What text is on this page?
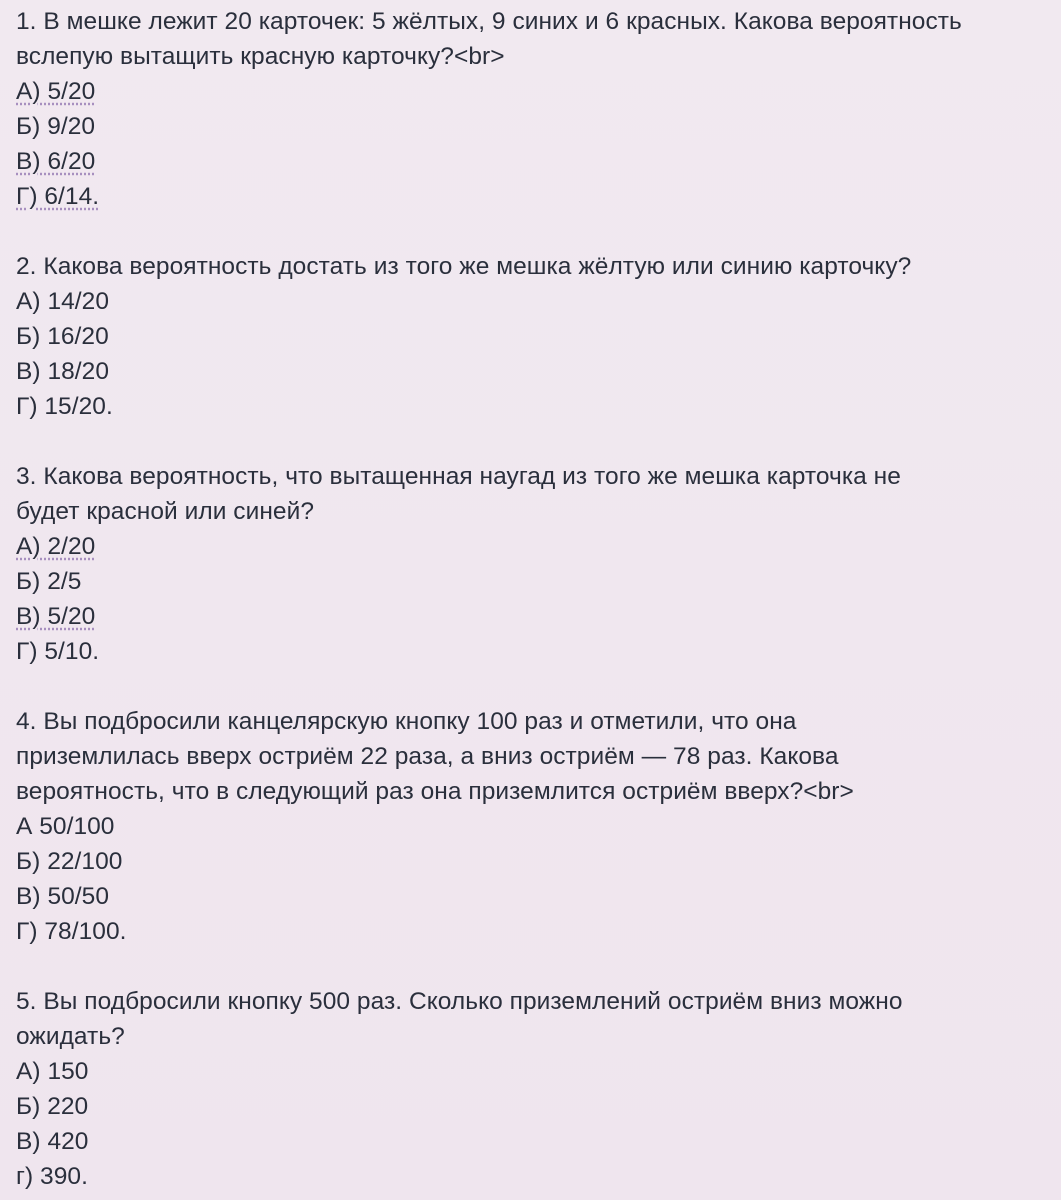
1. В мешке лежит 20 карточек: 5 жёлтых, 9 синих и 6 красных. Какова вероятность
вслепую вытащить красную карточку?<br>
А) 5/20
Б) 9/20
В) 6/20
Г) 6/14.
2. Какова вероятность достать из того же мешка жёлтую или синию карточку?
А) 14/20
Б) 16/20
В) 18/20
Г) 15/20.
3. Какова вероятность, что вытащенная наугад из того же мешка карточка не
будет красной или синей?
А) 2/20
Б) 2/5
В) 5/20
Г) 5/10.
4. Вы подбросили канцелярскую кнопку 100 раз и отметили, что она
приземлилась вверх остриём 22 раза, а вниз остриём — 78 раз. Какова
вероятность, что в следующий раз она приземлится остриём вверх?<br>
А 50/100
Б) 22/100
В) 50/50
Г) 78/100.
5. Вы подбросили кнопку 500 раз. Сколько приземлений остриём вниз можно
ожидать?
А) 150
Б) 220
В) 420
г) 390.
